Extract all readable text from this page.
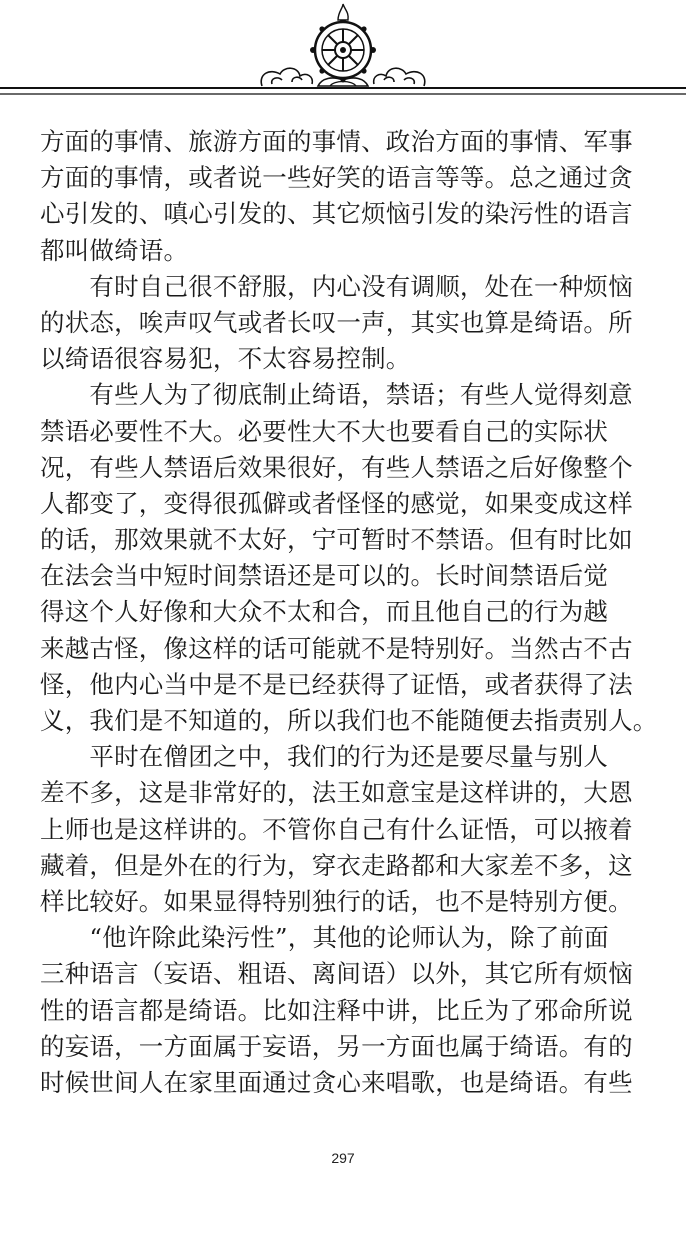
方面的事情、旅游方面的事情、政治方面的事情、军事
方面的事情，或者说一些好笑的语言等等。总之通过贪
心引发的、嗔心引发的、其它烦恼引发的染污性的语言
都叫做绮语。
　　有时自己很不舒服，内心没有调顺，处在一种烦恼
的状态，唉声叹气或者长叹一声，其实也算是绮语。所
以绮语很容易犯，不太容易控制。
　　有些人为了彻底制止绮语，禁语；有些人觉得刻意
禁语必要性不大。必要性大不大也要看自己的实际状
况，有些人禁语后效果很好，有些人禁语之后好像整个
人都变了，变得很孤僻或者怪怪的感觉，如果变成这样
的话，那效果就不太好，宁可暂时不禁语。但有时比如
在法会当中短时间禁语还是可以的。长时间禁语后觉
得这个人好像和大众不太和合，而且他自己的行为越
来越古怪，像这样的话可能就不是特别好。当然古不古
怪，他内心当中是不是已经获得了证悟，或者获得了法
义，我们是不知道的，所以我们也不能随便去指责别人。
　　平时在僧团之中，我们的行为还是要尽量与别人
差不多，这是非常好的，法王如意宝是这样讲的，大恩
上师也是这样讲的。不管你自己有什么证悟，可以掖着
藏着，但是外在的行为，穿衣走路都和大家差不多，这
样比较好。如果显得特别独行的话，也不是特别方便。
　　“他许除此染污性”，其他的论师认为，除了前面
三种语言（妄语、粗语、离间语）以外，其它所有烦恼
性的语言都是绮语。比如注释中讲，比丘为了邪命所说
的妄语，一方面属于妄语，另一方面也属于绮语。有的
时候世间人在家里面通过贪心来唱歌，也是绮语。有些
297
